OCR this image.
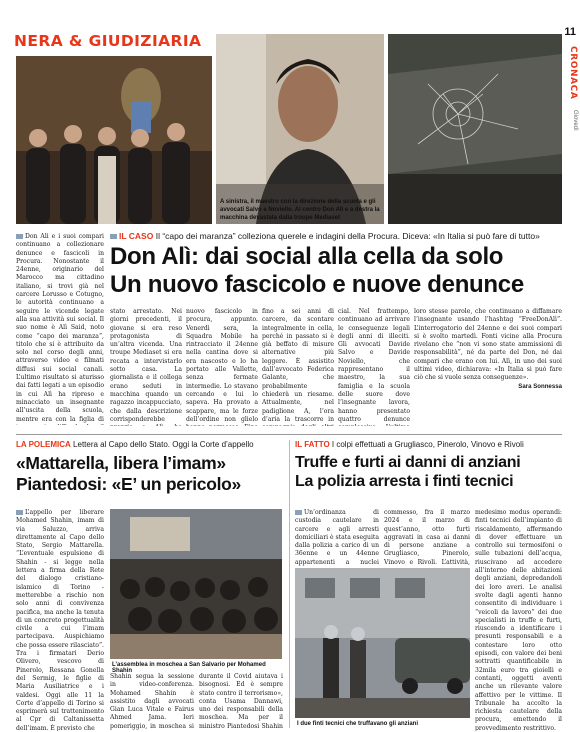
NERA & GIUDIZIARIA	11
CRONACA
Giovedì
A sinistra, il maestro con la direzione della scuola e gli avvocati Salvo e Noviello. Al centro Don Alì e a destra la macchina devastata dalla troupe Mediaset
IL CASO Il “capo dei maranza” colleziona querele e indagini della Procura. Diceva: «In Italia si può fare di tutto»
Don Alì: dai social alla cella da solo
Un nuovo fascicolo e nuove denunce
Don Alì e i suoi compari continuano a collezionare denunce e fascicoli in Procura. Nonostante il 24enne, originario del Marocco ma cittadino italiano, si trovi già nel carcere Lorusso e Cotugno, le autorità continuano a seguire le vicende legate alla sua attività sui social. Il suo nome è Alì Said, noto come “capo dei maranza”, titolo che si è attribuito da solo nel corso degli anni, attraverso video e filmati diffusi sui social canali. L’ultimo risultato si aturisso dai fatti legati a un episodio in cui Alì ha ripreso e minacciato un insegnante all’uscita della scuola, mentre era con la figlia di
stato arrestato. Nei giorni precedenti, il giovane si era reso protagonista di un’altra vicenda. Una troupe Mediaset si era recata a intervistarlo sotto casa. La giornalista e il collega erano seduti in macchina quando un ragazzo incappucciato, che dalla descrizione corrisponderebbe
nuovo fascicolo in procura, appunto. Venerdì sera, la Squadra Mobile ha rintracciato il 24enne nella cantina dove si era nascosto e lo ha portato alle Vallette, senza fermate intermedie. Lo stavano cercando e lui lo sapeva. Ha provato a scappare, ma le forze dell’ordine non glielo
fino a sei anni di carcere, da scontare integralmente in cella, perché in passato si è già beffato di misure alternative più leggere. È assistito dall’avvocato Federica Galante, che probabilmente chiederà un riesame. Attualmente, nel padiglione A, l’ora d’aria la trascorre in
cial. Nel frattempo, continuano ad arrivare le conseguenze legali degli anni di illeciti. Gli avvocati Davide Salvo e Davide Noviello, che rappresentano il maestro, la sua famiglia e la scuola delle suore dove l’insegnante lavora, hanno presentato quattro denunce
loro stesse parole, che continuano a diffamare l’insegnante usando l’hashtag “FreeDonAlì”. L’interrogatorio del 24enne e dei suoi compari si è svolto martedì. Fonti vicine alla Procura rivelano che “non vi sono state ammissioni di responsabilità”, né da parte del Don, né dai compari che erano con lui. Alì, in uno dei suoi ultimi video, dichiarava: «In Italia si può fare ciò che si vuole senza conseguenze».
Sara Sonnessa
LA POLEMICA Lettera al Capo dello Stato. Oggi la Corte d’appello
«Mattarella, libera l’imam»
Piantedosi: «E’ un pericolo»
L’appello per liberare Mohamed Shahin, imam di via Saluzzo, arriva direttamente al Capo dello Stato, Sergio Mattarella. “L’eventuale espulsione di Shahin - si legge nella lettera a firma della Rete del dialogo cristiano-islamico di Torino - metterebbe a rischio non solo anni di convivenza pacifica, ma anche la tenuta di un concreto progettualità civile a cui l’imam partecipava. Auspichiamo che possa essere rilasciato”. Tra i firmatari Derio Olivero, vescovo di Pinerolo, Ressana Gonella del Sermig, le figlie di Maria Ausiliatrice e i valdesi. Oggi alle 11 la Corte d’appello di Torino si esprimerà sul trattenimento al Cpr di Caltanissetta dell’imam. È previsto che
L’assemblea in moschea a San Salvario per Mohamed Shahin
Shahin segua la sessione in video-conferenza. Mohamed Shahin è assistito dagli avvocati Gian Luca Vitale e Fairus Ahmed Jama. Ieri pomeriggio, in moschea si
durante il Covid aiutava i bisognosi. Ed è sempre stato contro il terrorismo», conta Usama Dannawi, uno dei responsabili della moschea. Ma per il ministro Piantedosi Shahin
IL FATTO I colpi effettuati a Grugliasco, Pinerolo, Vinovo e Rivoli
Truffe e furti ai danni di anziani
La polizia arresta i finti tecnici
Un’ordinanza di custodia cautelare in carcere e agli arresti domiciliari è stata eseguita dalla polizia a carico di un 36enne e un 44enne appartenenti a nuclei
commesso, fra il marzo 2024 e il marzo di quest’anno, otto furti aggravati in casa ai danni di persone anziane a Grugliasco, Pinerolo, Vinovo e Rivoli. L’attività,
medesimo modus operandi: finti tecnici dell’impianto di riscaldamento, affermando di dover effettuare un controllo sui termosifoni o sulle tubazioni dell’acqua, riuscivano ad accedere all’interno delle abitazioni degli anziani, depredandoli dei loro averi. Le analisi svolte dagli agenti hanno consentito di individuare i “veicoli da lavoro” dei due specialisti in truffe e furti, riuscendo a identificare i presunti responsabili e a contestare loro otto episodi, con valore dei beni sottratti quantificabile in 32mila euro tra gioielli e contanti, oggetti aventi anche un rilevante valore affettivo per le vittime. Il Tribunale ha accolto la richiesta cautelare della procura, emettendo il provvedimento restrittivo.
I due finti tecnici che truffavano gli anziani
